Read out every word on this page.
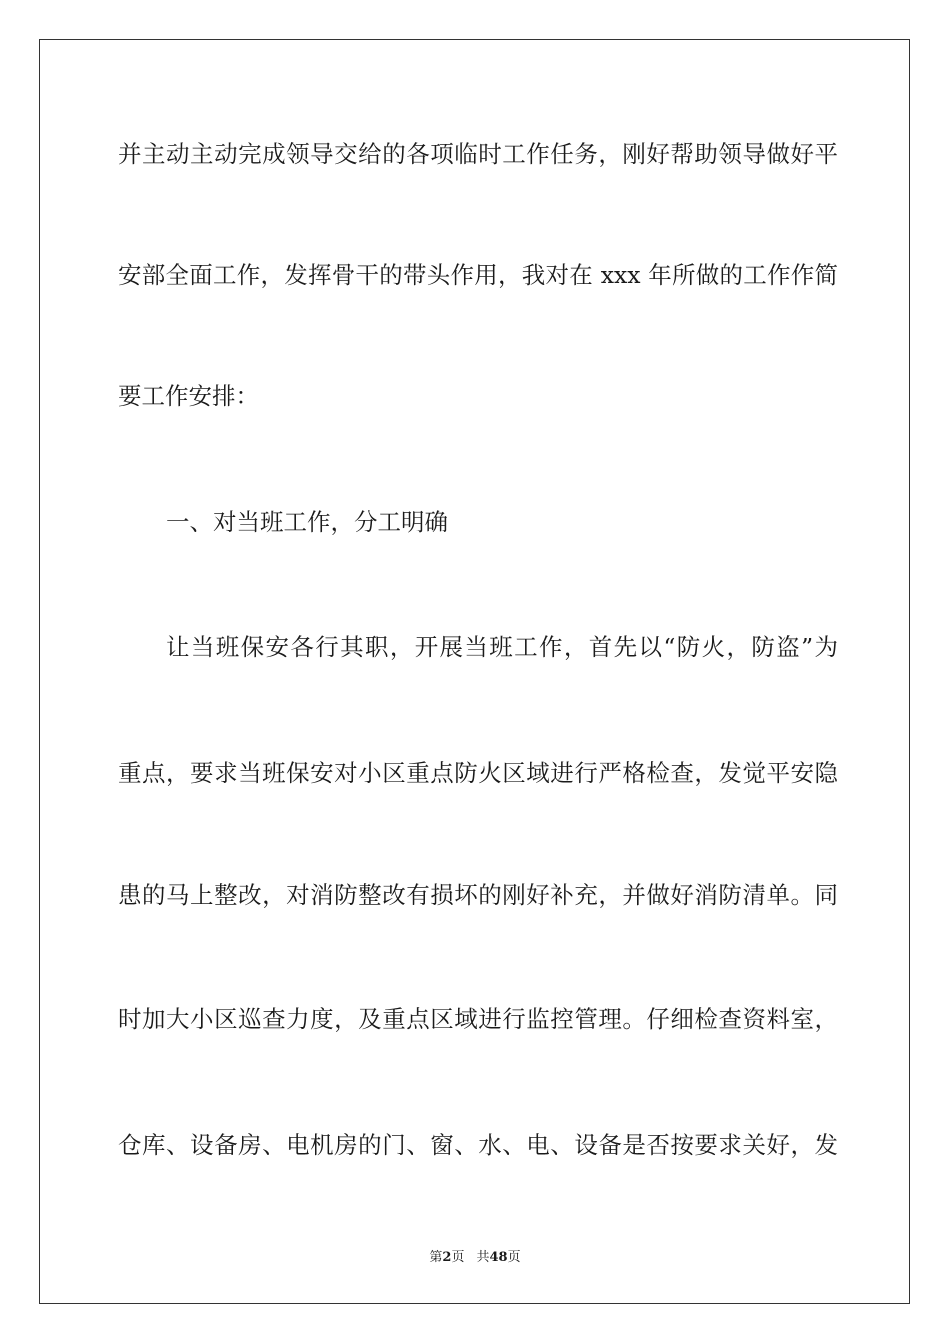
并主动主动完成领导交给的各项临时工作任务，刚好帮助领导做好平
安部全面工作，发挥骨干的带头作用，我对在 xxx 年所做的工作作简
要工作安排：
一、对当班工作，分工明确
让当班保安各行其职，开展当班工作，首先以“防火，防盗”为
重点，要求当班保安对小区重点防火区域进行严格检查，发觉平安隐
患的马上整改，对消防整改有损坏的刚好补充，并做好消防清单。同
时加大小区巡查力度，及重点区域进行监控管理。仔细检查资料室，
仓库、设备房、电机房的门、窗、水、电、设备是否按要求关好，发
第2页 共48页
